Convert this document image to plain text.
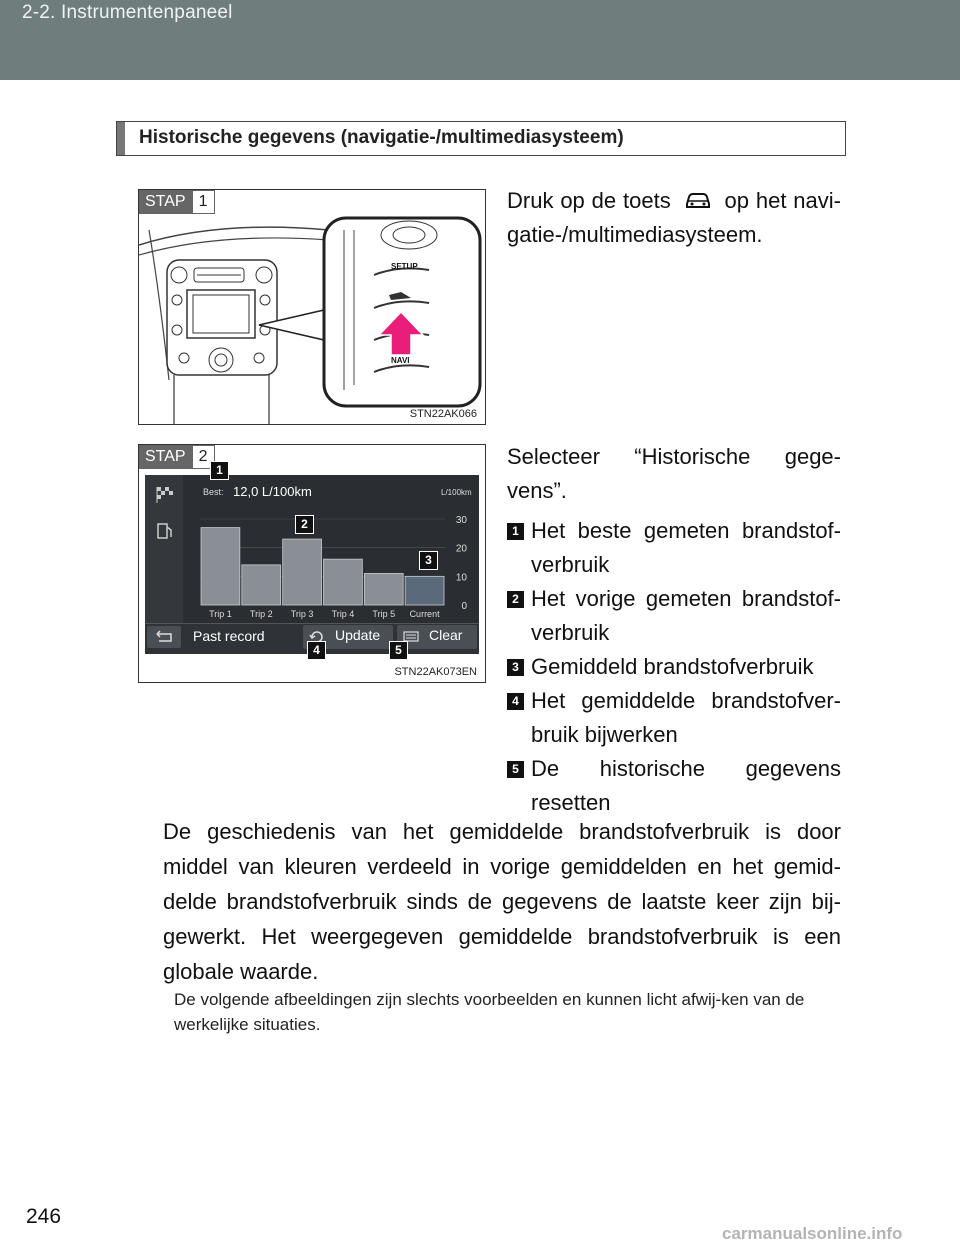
2-2. Instrumentenpaneel
Historische gegevens (navigatie-/multimediasysteem)
STAP 1
SETUP
NAVI
STN22AK066
Druk op de toets op het navi-gatie-/multimediasysteem.
STAP 2
Best: 12,0 L/100km	L/100km
30
20
10
0
Trip 1 Trip 2 Trip 3 Trip 4 Trip 5 Current
Past record	Update	Clear
1
2
3
4	5
STN22AK073EN
Selecteer “Historische gege-vens”.
1 Het beste gemeten brandstof-verbruik
2 Het vorige gemeten brandstof-verbruik
3 Gemiddeld brandstofverbruik
4 Het gemiddelde brandstofver-bruik bijwerken
5 De historische gegevens resetten
De geschiedenis van het gemiddelde brandstofverbruik is door middel van kleuren verdeeld in vorige gemiddelden en het gemid-delde brandstofverbruik sinds de gegevens de laatste keer zijn bij-gewerkt. Het weergegeven gemiddelde brandstofverbruik is een globale waarde.
De volgende afbeeldingen zijn slechts voorbeelden en kunnen licht afwij-ken van de werkelijke situaties.
246
carmanualsonline.info
